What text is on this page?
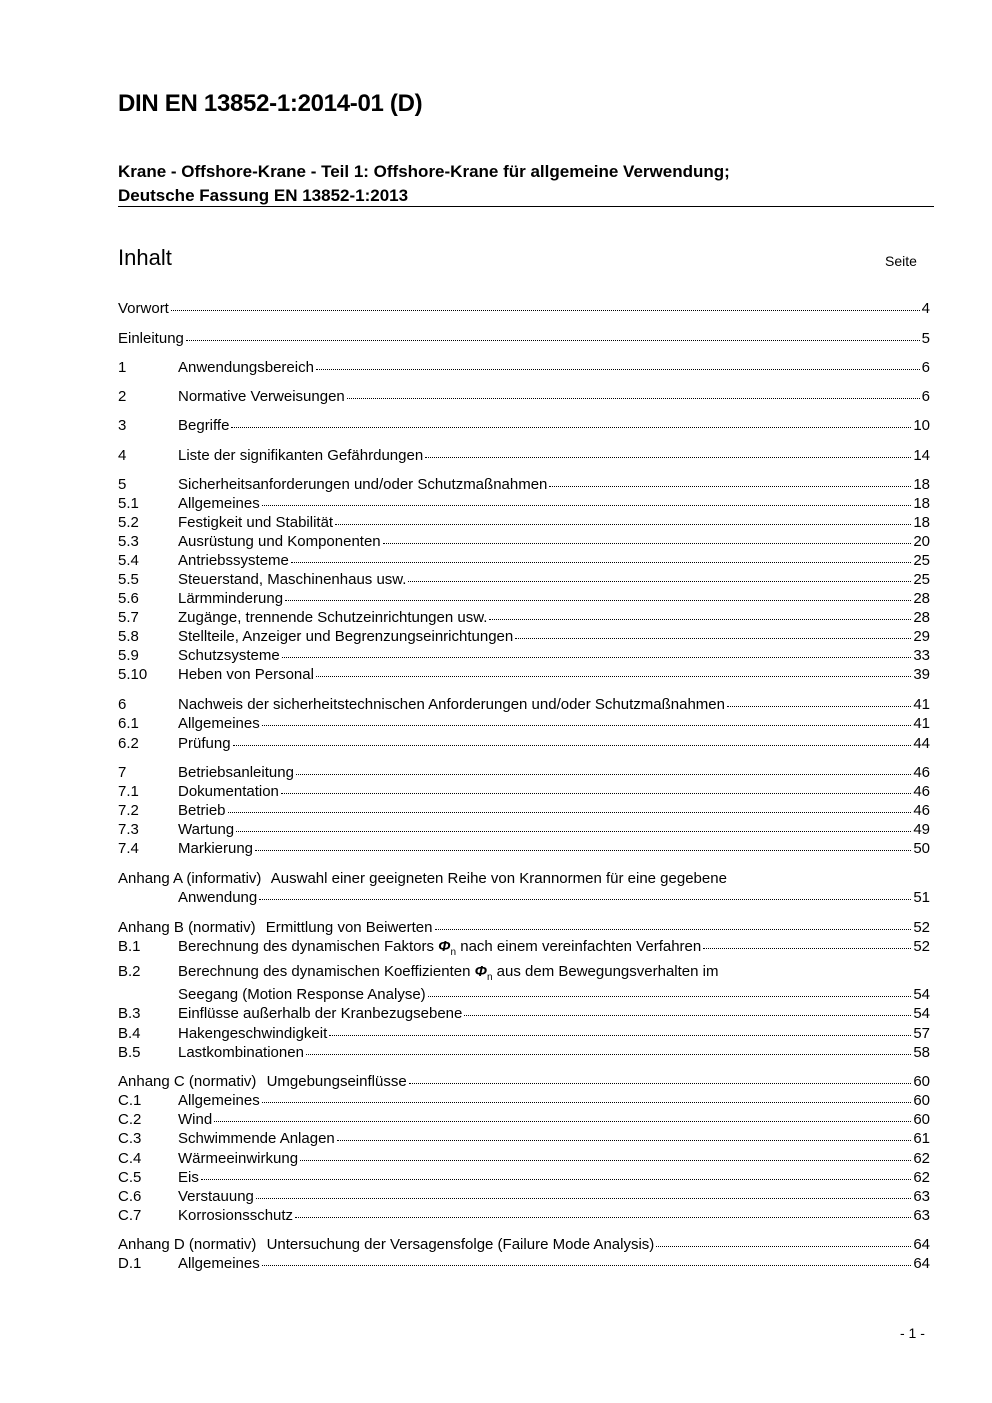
DIN EN 13852-1:2014-01 (D)
Krane - Offshore-Krane - Teil 1: Offshore-Krane für allgemeine Verwendung;
Deutsche Fassung EN 13852-1:2013
Inhalt	Seite
Vorwort	4
Einleitung	5
1	Anwendungsbereich	6
2	Normative Verweisungen	6
3	Begriffe	10
4	Liste der signifikanten Gefährdungen	14
5	Sicherheitsanforderungen und/oder Schutzmaßnahmen	18
5.1	Allgemeines	18
5.2	Festigkeit und Stabilität	18
5.3	Ausrüstung und Komponenten	20
5.4	Antriebssysteme	25
5.5	Steuerstand, Maschinenhaus usw.	25
5.6	Lärmminderung	28
5.7	Zugänge, trennende Schutzeinrichtungen usw.	28
5.8	Stellteile, Anzeiger und Begrenzungseinrichtungen	29
5.9	Schutzsysteme	33
5.10	Heben von Personal	39
6	Nachweis der sicherheitstechnischen Anforderungen und/oder Schutzmaßnahmen	41
6.1	Allgemeines	41
6.2	Prüfung	44
7	Betriebsanleitung	46
7.1	Dokumentation	46
7.2	Betrieb	46
7.3	Wartung	49
7.4	Markierung	50
Anhang A (informativ) Auswahl einer geeigneten Reihe von Krannormen für eine gegebene
Anwendung	51
Anhang B (normativ) Ermittlung von Beiwerten	52
B.1	Berechnung des dynamischen Faktors $\Phi_n$ nach einem vereinfachten Verfahren	52
B.2	Berechnung des dynamischen Koeffizienten $\Phi_n$ aus dem Bewegungsverhalten im
Seegang (Motion Response Analyse)	54
B.3	Einflüsse außerhalb der Kranbezugsebene	54
B.4	Hakengeschwindigkeit	57
B.5	Lastkombinationen	58
Anhang C (normativ) Umgebungseinflüsse	60
C.1	Allgemeines	60
C.2	Wind	60
C.3	Schwimmende Anlagen	61
C.4	Wärmeeinwirkung	62
C.5	Eis	62
C.6	Verstauung	63
C.7	Korrosionsschutz	63
Anhang D (normativ) Untersuchung der Versagensfolge (Failure Mode Analysis)	64
D.1	Allgemeines	64
- 1 -
